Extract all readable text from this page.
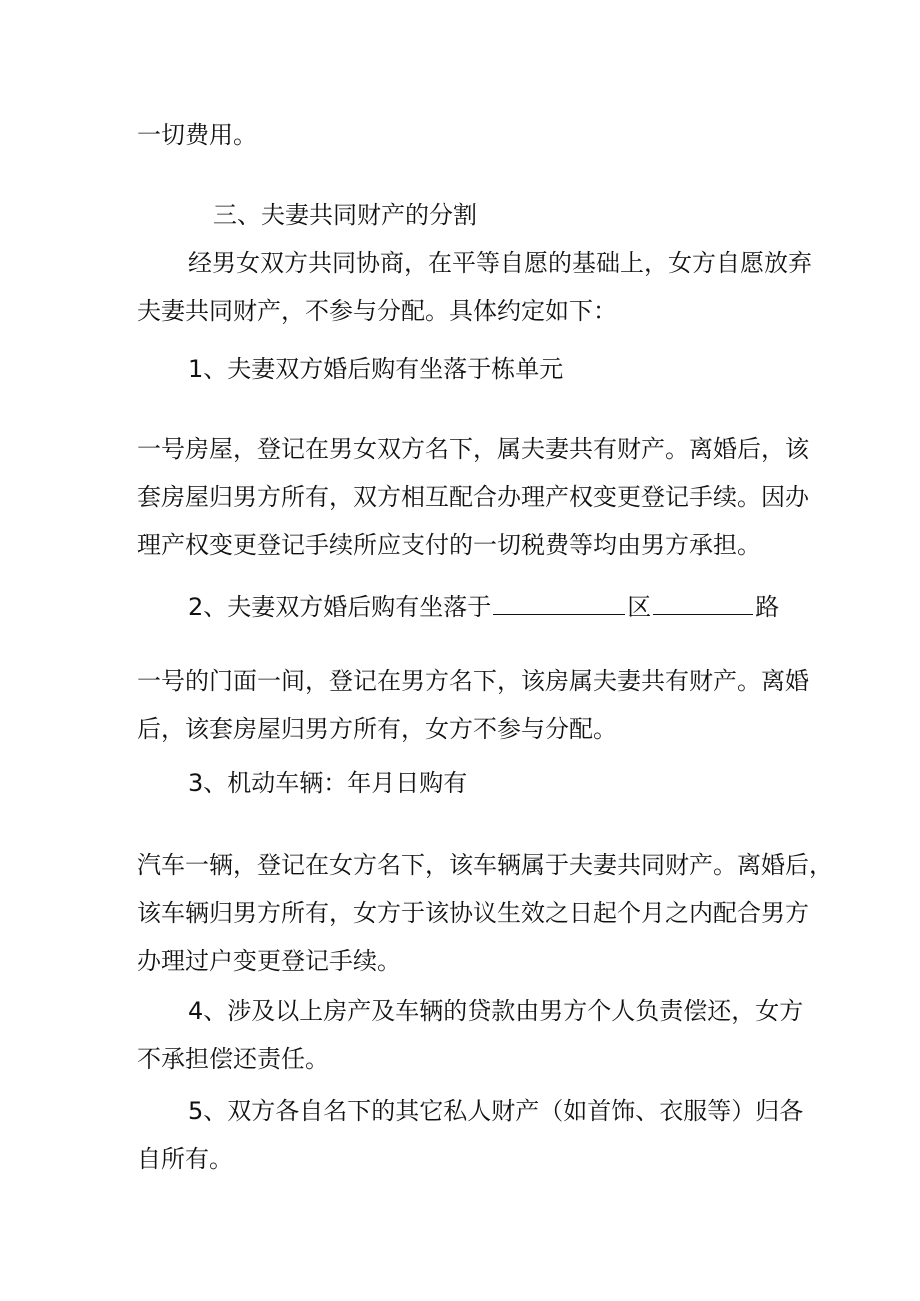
一切费用。
三、夫妻共同财产的分割
经男女双方共同协商，在平等自愿的基础上，女方自愿放弃
夫妻共同财产，不参与分配。具体约定如下：
1、夫妻双方婚后购有坐落于栋单元
一号房屋，登记在男女双方名下，属夫妻共有财产。离婚后，该
套房屋归男方所有，双方相互配合办理产权变更登记手续。因办
理产权变更登记手续所应支付的一切税费等均由男方承担。
2、夫妻双方婚后购有坐落于	区	路
一号的门面一间，登记在男方名下，该房属夫妻共有财产。离婚
后，该套房屋归男方所有，女方不参与分配。
3、机动车辆：年月日购有
汽车一辆，登记在女方名下，该车辆属于夫妻共同财产。离婚后，
该车辆归男方所有，女方于该协议生效之日起个月之内配合男方
办理过户变更登记手续。
4、涉及以上房产及车辆的贷款由男方个人负责偿还，女方
不承担偿还责任。
5、双方各自名下的其它私人财产（如首饰、衣服等）归各
自所有。
